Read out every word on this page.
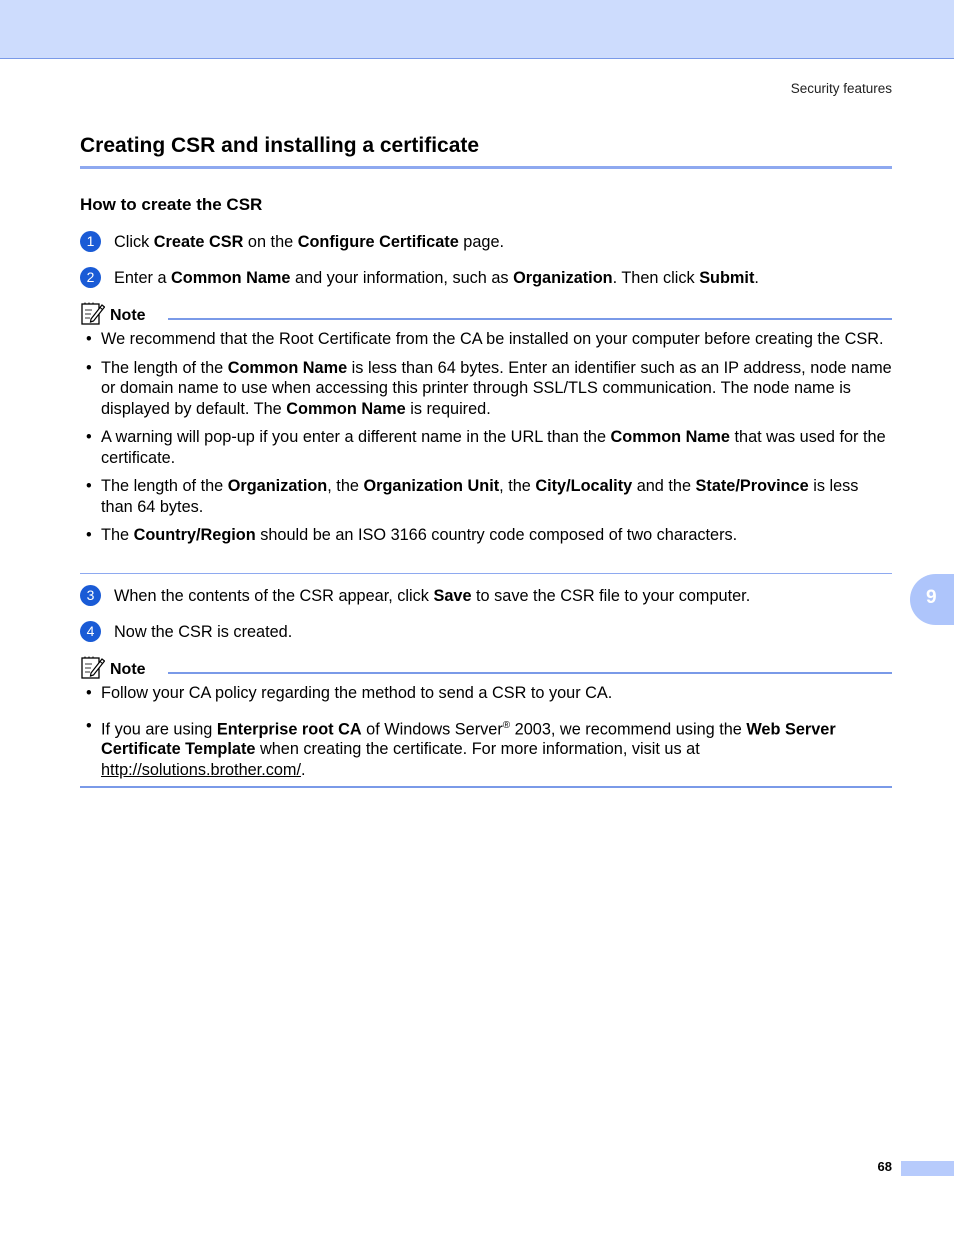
Security features
Creating CSR and installing a certificate
How to create the CSR
1	Click Create CSR on the Configure Certificate page.
2	Enter a Common Name and your information, such as Organization. Then click Submit.
Note
• We recommend that the Root Certificate from the CA be installed on your computer before creating the CSR.
• The length of the Common Name is less than 64 bytes. Enter an identifier such as an IP address, node name or domain name to use when accessing this printer through SSL/TLS communication. The node name is displayed by default. The Common Name is required.
• A warning will pop-up if you enter a different name in the URL than the Common Name that was used for the certificate.
• The length of the Organization, the Organization Unit, the City/Locality and the State/Province is less than 64 bytes.
• The Country/Region should be an ISO 3166 country code composed of two characters.
3	When the contents of the CSR appear, click Save to save the CSR file to your computer.
4	Now the CSR is created.
Note
• Follow your CA policy regarding the method to send a CSR to your CA.
• If you are using Enterprise root CA of Windows Server® 2003, we recommend using the Web Server Certificate Template when creating the certificate. For more information, visit us at http://solutions.brother.com/.
9
68
